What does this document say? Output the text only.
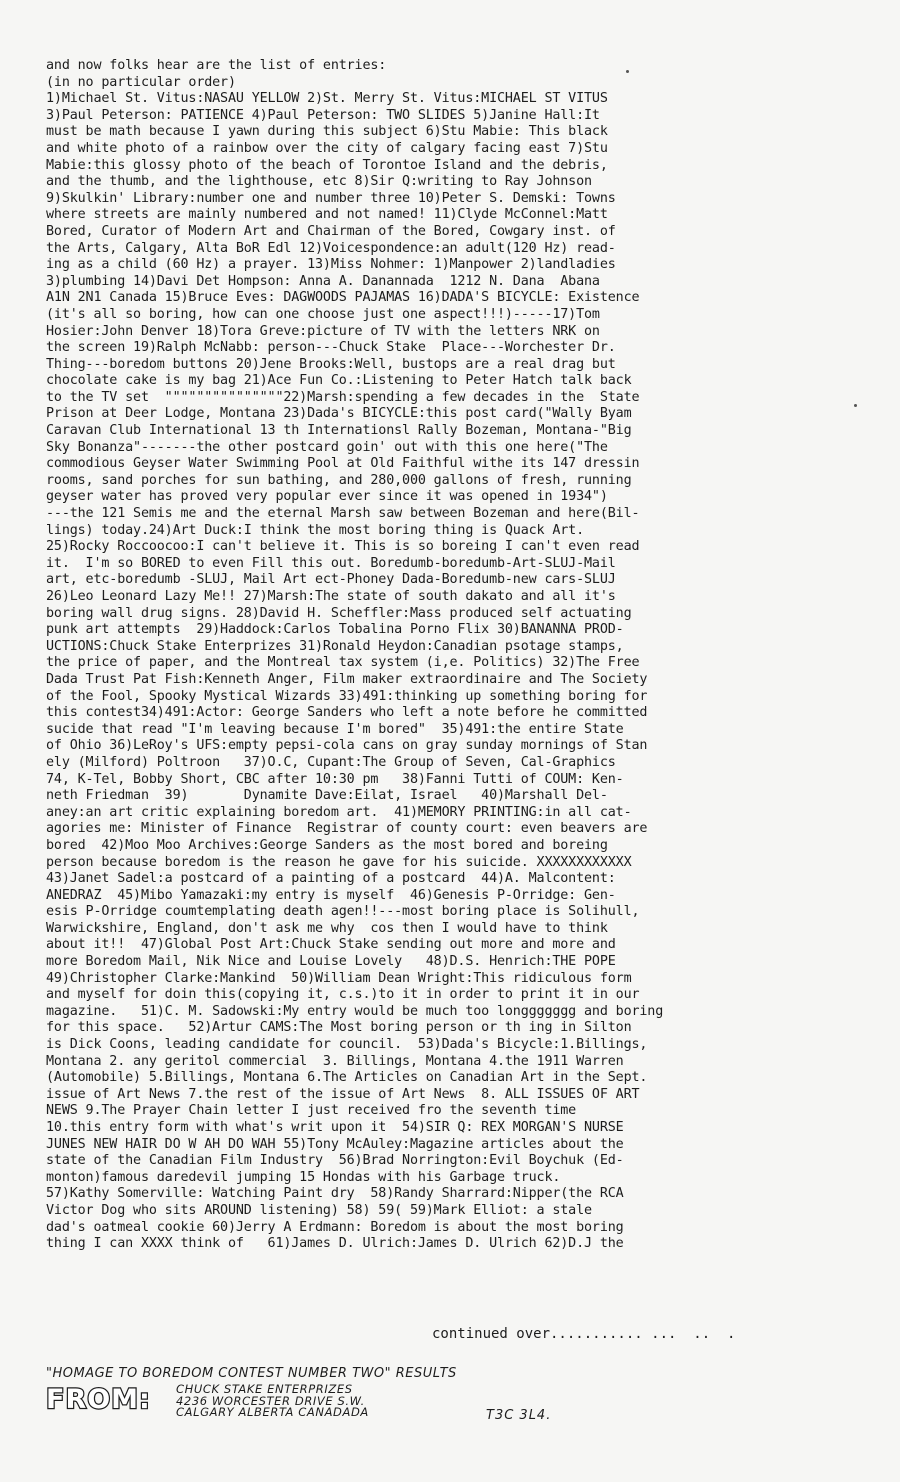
and now folks hear are the list of entries:
(in no particular order)
1)Michael St. Vitus:NASAU YELLOW 2)St. Merry St. Vitus:MICHAEL ST VITUS
3)Paul Peterson: PATIENCE 4)Paul Peterson: TWO SLIDES 5)Janine Hall:It
must be math because I yawn during this subject 6)Stu Mabie: This black
and white photo of a rainbow over the city of calgary facing east 7)Stu
Mabie:this glossy photo of the beach of Torontoe Island and the debris,
and the thumb, and the lighthouse, etc 8)Sir Q:writing to Ray Johnson
9)Skulkin' Library:number one and number three 10)Peter S. Demski: Towns
where streets are mainly numbered and not named! 11)Clyde McConnel:Matt
Bored, Curator of Modern Art and Chairman of the Bored, Cowgary inst. of
the Arts, Calgary, Alta BoR Edl 12)Voicespondence:an adult(120 Hz) read-
ing as a child (60 Hz) a prayer. 13)Miss Nohmer: 1)Manpower 2)landladies
3)plumbing 14)Davi Det Hompson: Anna A. Danannada  1212 N. Dana  Abana
A1N 2N1 Canada 15)Bruce Eves: DAGWOODS PAJAMAS 16)DADA'S BICYCLE: Existence
(it's all so boring, how can one choose just one aspect!!!)-----17)Tom
Hosier:John Denver 18)Tora Greve:picture of TV with the letters NRK on
the screen 19)Ralph McNabb: person---Chuck Stake  Place---Worchester Dr.
Thing---boredom buttons 20)Jene Brooks:Well, bustops are a real drag but
chocolate cake is my bag 21)Ace Fun Co.:Listening to Peter Hatch talk back
to the TV set  """""""""""""""22)Marsh:spending a few decades in the  State
Prison at Deer Lodge, Montana 23)Dada's BICYCLE:this post card("Wally Byam
Caravan Club International 13 th Internationsl Rally Bozeman, Montana-"Big
Sky Bonanza"-------the other postcard goin' out with this one here("The
commodious Geyser Water Swimming Pool at Old Faithful withe its 147 dressin
rooms, sand porches for sun bathing, and 280,000 gallons of fresh, running
geyser water has proved very popular ever since it was opened in 1934")
---the 121 Semis me and the eternal Marsh saw between Bozeman and here(Bil-
lings) today.24)Art Duck:I think the most boring thing is Quack Art.
25)Rocky Roccoocoo:I can't believe it. This is so boreing I can't even read
it.  I'm so BORED to even Fill this out. Boredumb-boredumb-Art-SLUJ-Mail
art, etc-boredumb -SLUJ, Mail Art ect-Phoney Dada-Boredumb-new cars-SLUJ
26)Leo Leonard Lazy Me!! 27)Marsh:The state of south dakato and all it's
boring wall drug signs. 28)David H. Scheffler:Mass produced self actuating
punk art attempts  29)Haddock:Carlos Tobalina Porno Flix 30)BANANNA PROD-
UCTIONS:Chuck Stake Enterprizes 31)Ronald Heydon:Canadian psotage stamps,
the price of paper, and the Montreal tax system (i,e. Politics) 32)The Free
Dada Trust Pat Fish:Kenneth Anger, Film maker extraordinaire and The Society
of the Fool, Spooky Mystical Wizards 33)491:thinking up something boring for
this contest34)491:Actor: George Sanders who left a note before he committed
sucide that read "I'm leaving because I'm bored"  35)491:the entire State
of Ohio 36)LeRoy's UFS:empty pepsi-cola cans on gray sunday mornings of Stan
ely (Milford) Poltroon   37)O.C, Cupant:The Group of Seven, Cal-Graphics
74, K-Tel, Bobby Short, CBC after 10:30 pm   38)Fanni Tutti of COUM: Ken-
neth Friedman  39)       Dynamite Dave:Eilat, Israel   40)Marshall Del-
aney:an art critic explaining boredom art.  41)MEMORY PRINTING:in all cat-
agories me: Minister of Finance  Registrar of county court: even beavers are
bored  42)Moo Moo Archives:George Sanders as the most bored and boreing
person because boredom is the reason he gave for his suicide. XXXXXXXXXXXX
43)Janet Sadel:a postcard of a painting of a postcard  44)A. Malcontent:
ANEDRAZ  45)Mibo Yamazaki:my entry is myself  46)Genesis P-Orridge: Gen-
esis P-Orridge coumtemplating death agen!!---most boring place is Solihull,
Warwickshire, England, don't ask me why  cos then I would have to think
about it!!  47)Global Post Art:Chuck Stake sending out more and more and
more Boredom Mail, Nik Nice and Louise Lovely   48)D.S. Henrich:THE POPE
49)Christopher Clarke:Mankind  50)William Dean Wright:This ridiculous form
and myself for doin this(copying it, c.s.)to it in order to print it in our
magazine.   51)C. M. Sadowski:My entry would be much too longgggggg and boring
for this space.   52)Artur CAMS:The Most boring person or th ing in Silton
is Dick Coons, leading candidate for council.  53)Dada's Bicycle:1.Billings,
Montana 2. any geritol commercial  3. Billings, Montana 4.the 1911 Warren
(Automobile) 5.Billings, Montana 6.The Articles on Canadian Art in the Sept.
issue of Art News 7.the rest of the issue of Art News  8. ALL ISSUES OF ART
NEWS 9.The Prayer Chain letter I just received fro the seventh time
10.this entry form with what's writ upon it  54)SIR Q: REX MORGAN'S NURSE
JUNES NEW HAIR DO W AH DO WAH 55)Tony McAuley:Magazine articles about the
state of the Canadian Film Industry  56)Brad Norrington:Evil Boychuk (Ed-
monton)famous daredevil jumping 15 Hondas with his Garbage truck.
57)Kathy Somerville: Watching Paint dry  58)Randy Sharrard:Nipper(the RCA
Victor Dog who sits AROUND listening) 58) 59( 59)Mark Elliot: a stale
dad's oatmeal cookie 60)Jerry A Erdmann: Boredom is about the most boring
thing I can XXXX think of   61)James D. Ulrich:James D. Ulrich 62)D.J the
continued over........... ...  ..  .
"HOMAGE TO BOREDOM CONTEST NUMBER TWO" RESULTS
FROM: CHUCK STAKE ENTERPRIZES
4236 WORCESTER DRIVE S.W.
CALGARY ALBERTA CANADADA	T3C 3L4.
